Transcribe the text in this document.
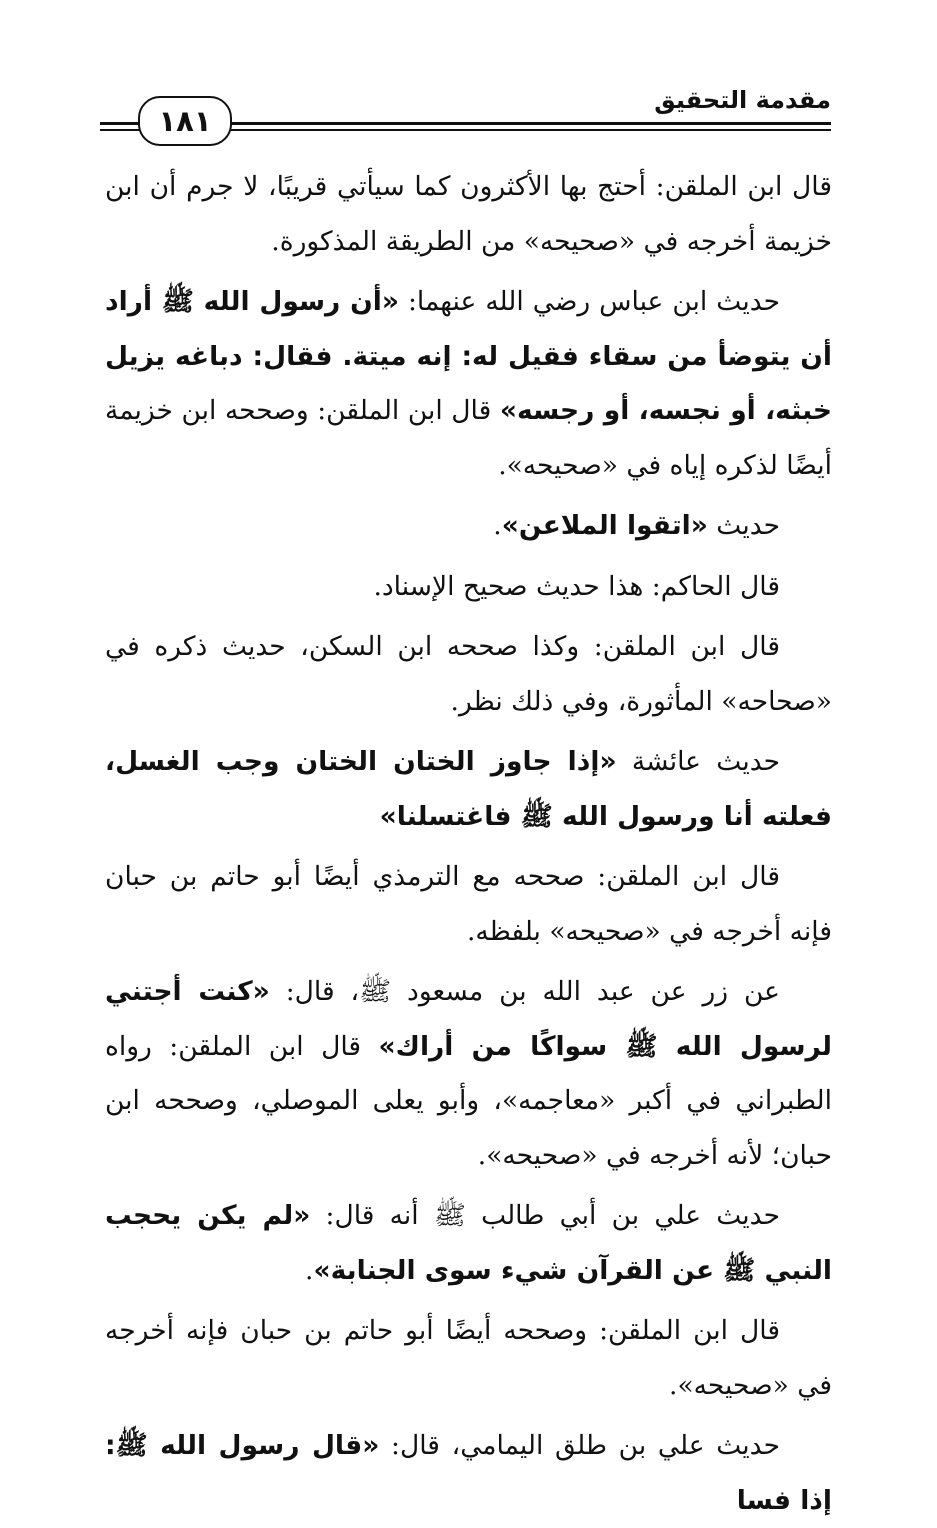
١٨١
مقدمة التحقيق

قال ابن الملقن: أحتج بها الأكثرون كما سيأتي قريبًا، لا جرم أن ابن خزيمة أخرجه في «صحيحه» من الطريقة المذكورة.

حديث ابن عباس رضي الله عنهما: «أن رسول الله ﷺ أراد أن يتوضأ من سقاء فقيل له: إنه ميتة. فقال: دباغه يزيل خبثه، أو نجسه، أو رجسه» قال ابن الملقن: وصححه ابن خزيمة أيضًا لذكره إياه في «صحيحه».

حديث «اتقوا الملاعن».

قال الحاكم: هذا حديث صحيح الإسناد.

قال ابن الملقن: وكذا صححه ابن السكن، حديث ذكره في «صحاحه» المأثورة، وفي ذلك نظر.

حديث عائشة «إذا جاوز الختان الختان وجب الغسل، فعلته أنا ورسول الله ﷺ فاغتسلنا»

قال ابن الملقن: صححه مع الترمذي أيضًا أبو حاتم بن حبان فإنه أخرجه في «صحيحه» بلفظه.

عن زر عن عبد الله بن مسعود ﷺ، قال: «كنت أجتني لرسول الله ﷺ سواكًا من أراك» قال ابن الملقن: رواه الطبراني في أكبر «معاجمه»، وأبو يعلى الموصلي، وصححه ابن حبان؛ لأنه أخرجه في «صحيحه».

حديث علي بن أبي طالب ﷺ أنه قال: «لم يكن يحجب النبي ﷺ عن القرآن شيء سوى الجنابة».

قال ابن الملقن: وصححه أيضًا أبو حاتم بن حبان فإنه أخرجه في «صحيحه».

حديث علي بن طلق اليمامي، قال: «قال رسول الله ﷺ: إذا فسا
